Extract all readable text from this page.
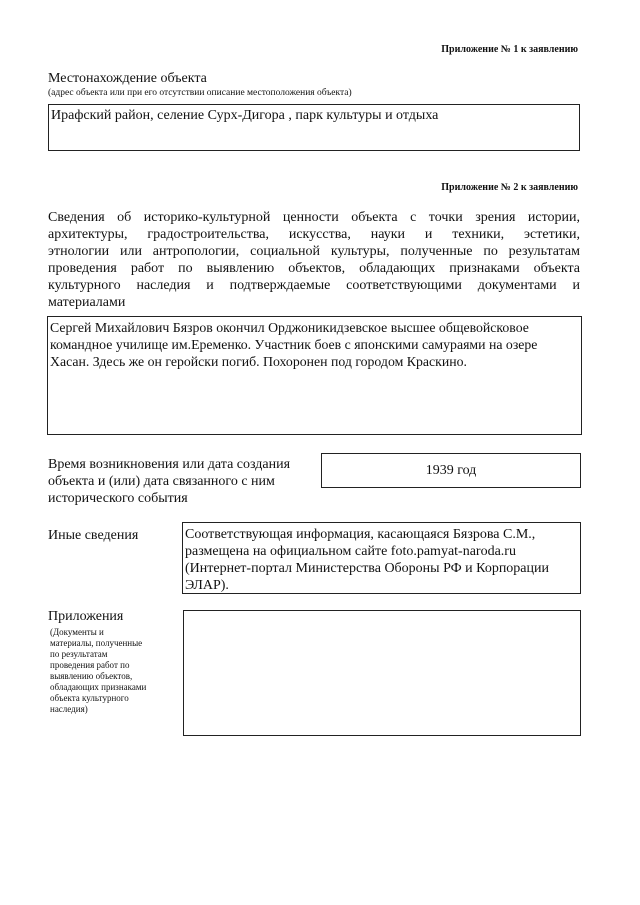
Приложение № 1 к заявлению
Местонахождение объекта
(адрес объекта или при его отсутствии описание местоположения объекта)
Ирафский район, селение Сурх-Дигора , парк культуры и отдыха
Приложение № 2 к заявлению
Сведения об историко-культурной ценности объекта с точки зрения истории,
архитектуры, градостроительства, искусства, науки и техники, эстетики,
этнологии или антропологии, социальной культуры, полученные по результатам
проведения работ по выявлению объектов, обладающих признаками объекта
культурного наследия и подтверждаемые соответствующими документами и
материалами
Сергей Михайлович Бязров окончил Орджоникидзевское высшее общевойсковое
командное училище им.Еременко. Участник боев с японскими самураями на озере
Хасан. Здесь же он геройски погиб. Похоронен под городом Краскино.
Время возникновения или дата создания
объекта и (или) дата связанного с ним
исторического события
1939 год
Иные сведения	Соответствующая информация, касающаяся Бязрова С.М.,
размещена на официальном сайте foto.pamyat-naroda.ru
(Интернет-портал Министерства Обороны РФ и Корпорации
ЭЛАР).
Приложения
(Документы и
материалы, полученные
по результатам
проведения работ по
выявлению объектов,
обладающих признаками
объекта культурного
наследия)
